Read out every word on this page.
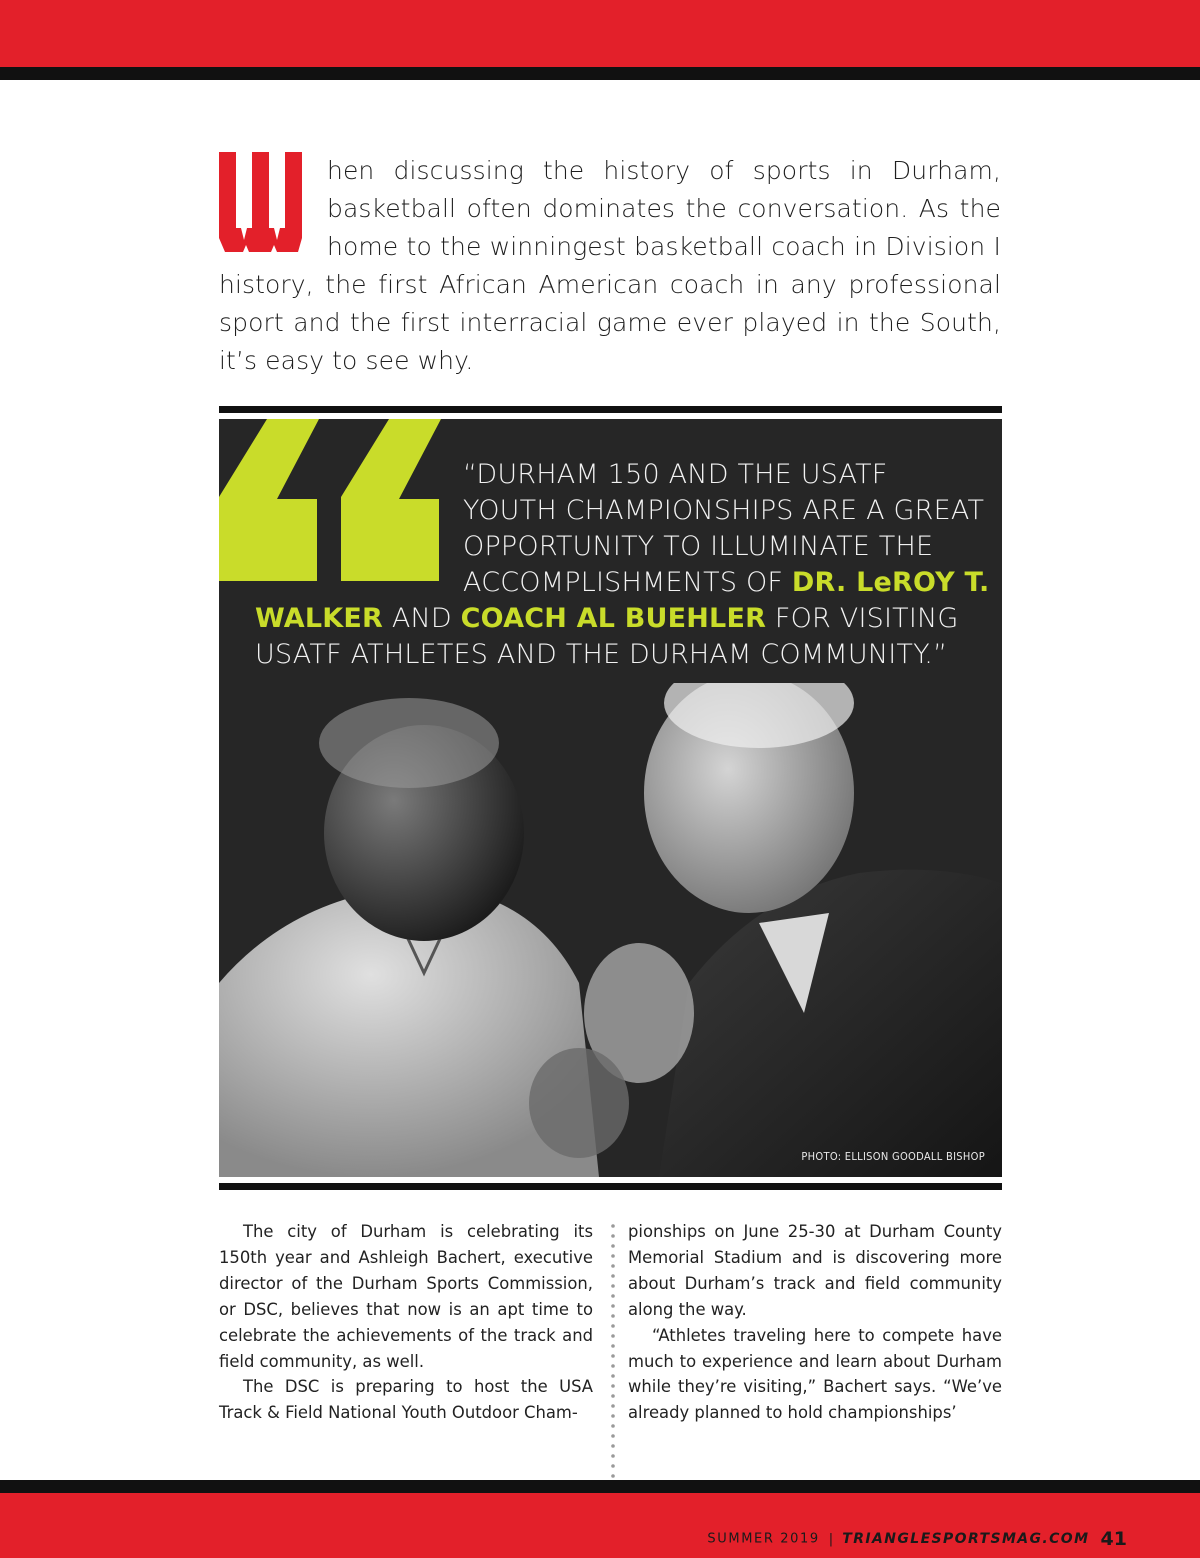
hen discussing the history of sports in Durham, basketball often dominates the conversation. As the home to the winningest basketball coach in Division I history, the first African American coach in any professional sport and the first interracial game ever played in the South, it’s easy to see why.
“DURHAM 150 AND THE USATF YOUTH CHAMPIONSHIPS ARE A GREAT OPPORTUNITY TO ILLUMINATE THE ACCOMPLISHMENTS OF DR. LeROY T. WALKER AND COACH AL BUEHLER FOR VISITING USATF ATHLETES AND THE DURHAM COMMUNITY.”
PHOTO: ELLISON GOODALL BISHOP

The city of Durham is celebrating its 150th year and Ashleigh Bachert, executive director of the Durham Sports Commission, or DSC, believes that now is an apt time to celebrate the achievements of the track and field community, as well.

The DSC is preparing to host the USA Track & Field National Youth Outdoor Cham-

pionships on June 25-30 at Durham County Memorial Stadium and is discovering more about Durham’s track and field community along the way.

“Athletes traveling here to compete have much to experience and learn about Durham while they’re visiting,” Bachert says. “We’ve already planned to hold championships’

SUMMER 2019 | TRIANGLESPORTSMAG.COM 41
